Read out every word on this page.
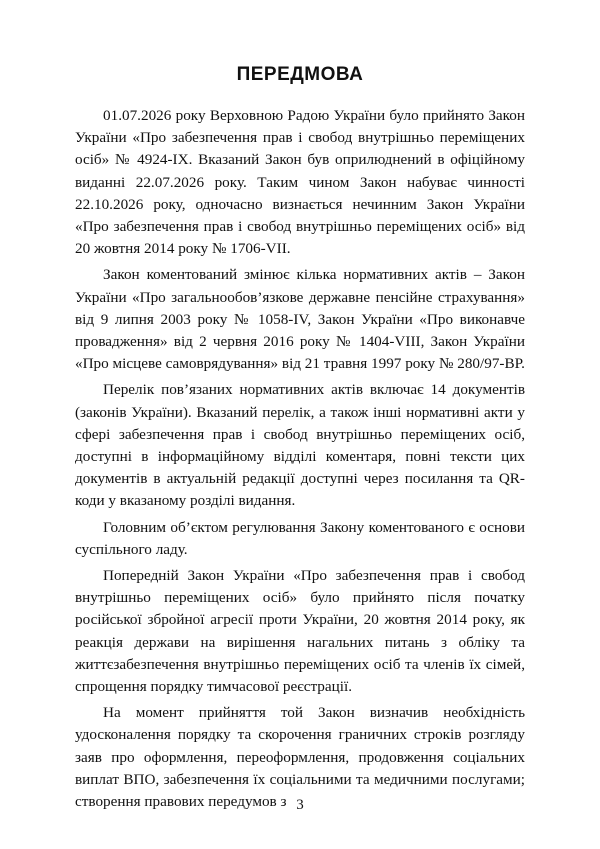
ПЕРЕДМОВА

01.07.2026 року Верховною Радою України було прийнято Закон України «Про забезпечення прав і свобод внутрішньо переміщених осіб» № 4924-IX. Вказаний Закон був оприлюднений в офіційному виданні 22.07.2026 року. Таким чином Закон набуває чинності 22.10.2026 року, одночасно визнається нечинним Закон України «Про забезпечення прав і свобод внутрішньо переміщених осіб» від 20 жовтня 2014 року № 1706-VII.

Закон коментований змінює кілька нормативних актів – Закон України «Про загальнообов’язкове державне пенсійне страхування» від 9 липня 2003 року № 1058-IV, Закон України «Про виконавче провадження» від 2 червня 2016 року № 1404-VIII, Закон України «Про місцеве самоврядування» від 21 травня 1997 року № 280/97-ВР.

Перелік пов’язаних нормативних актів включає 14 документів (законів України). Вказаний перелік, а також інші нормативні акти у сфері забезпечення прав і свобод внутрішньо переміщених осіб, доступні в інформаційному відділі коментаря, повні тексти цих документів в актуальній редакції доступні через посилання та QR-коди у вказаному розділі видання.

Головним об’єктом регулювання Закону коментованого є основи суспільного ладу.

Попередній Закон України «Про забезпечення прав і свобод внутрішньо переміщених осіб» було прийнято після початку російської збройної агресії проти України, 20 жовтня 2014 року, як реакція держави на вирішення нагальних питань з обліку та життєзабезпечення внутрішньо переміщених осіб та членів їх сімей, спрощення порядку тимчасової реєстрації.

На момент прийняття той Закон визначив необхідність удосконалення порядку та скорочення граничних строків розгляду заяв про оформлення, переоформлення, продовження соціальних виплат ВПО, забезпечення їх соціальними та медичними послугами; створення правових передумов з 3
